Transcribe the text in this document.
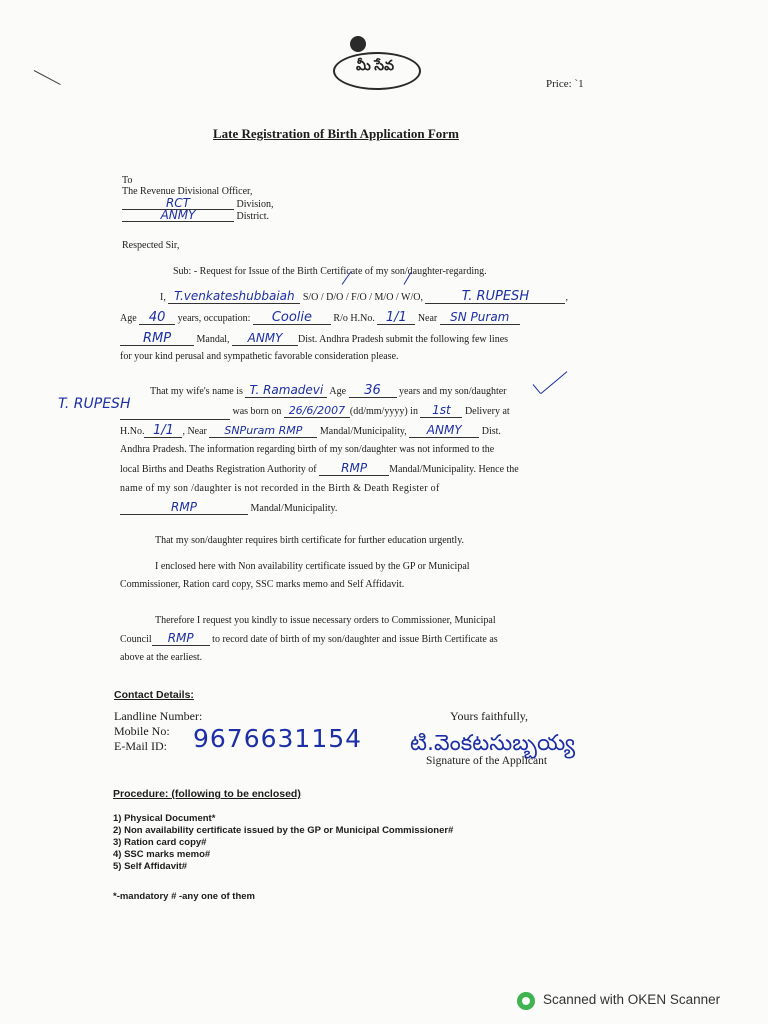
మీ సేవ
Price: `1
Late Registration of Birth Application Form
To
The Revenue Divisional Officer,
RCT	Division,
ANMY	District.
Respected Sir,
Sub: - Request for Issue of the Birth Certificate of my son/daughter-regarding.
I, T.venkateshubbaiah S/O / D/O / F/O / M/O / W/O,	T. RUPESH	,
Age 40 years, occupation: Coolie R/o H.No. 1/1 Near SN Puram
RMP	Mandal, ANMY Dist. Andhra Pradesh submit the following few lines
for your kind perusal and sympathetic favorable consideration please.
That my wife's name is T. Ramadevi Age 36 years and my son/daughter
T. RUPESH	was born on 26/6/2007 (dd/mm/yyyy) in 1st Delivery at
H.No. 1/1 , Near SNPuram RMP Mandal/Municipality, ANMY Dist.
Andhra Pradesh. The information regarding birth of my son/daughter was not informed to the
local Births and Deaths Registration Authority of RMP Mandal/Municipality. Hence the
name of my son /daughter is not recorded in the Birth & Death Register of
RMP	Mandal/Municipality.
That my son/daughter requires birth certificate for further education urgently.
I enclosed here with Non availability certificate issued by the GP or Municipal
Commissioner, Ration card copy, SSC marks memo and Self Affidavit.
Therefore I request you kindly to issue necessary orders to Commissioner, Municipal
Council RMP to record date of birth of my son/daughter and issue Birth Certificate as
above at the earliest.
Contact Details:
Landline Number:
Mobile No:
E-Mail ID: 9676631154
Yours faithfully,
టి.వెంకటసుబ్బయ్య
Signature of the Applicant
Procedure: (following to be enclosed)
1) Physical Document*
2) Non availability certificate issued by the GP or Municipal Commissioner#
3) Ration card copy#
4) SSC marks memo#
5) Self Affidavit#
*-mandatory # -any one of them
Scanned with OKEN Scanner
